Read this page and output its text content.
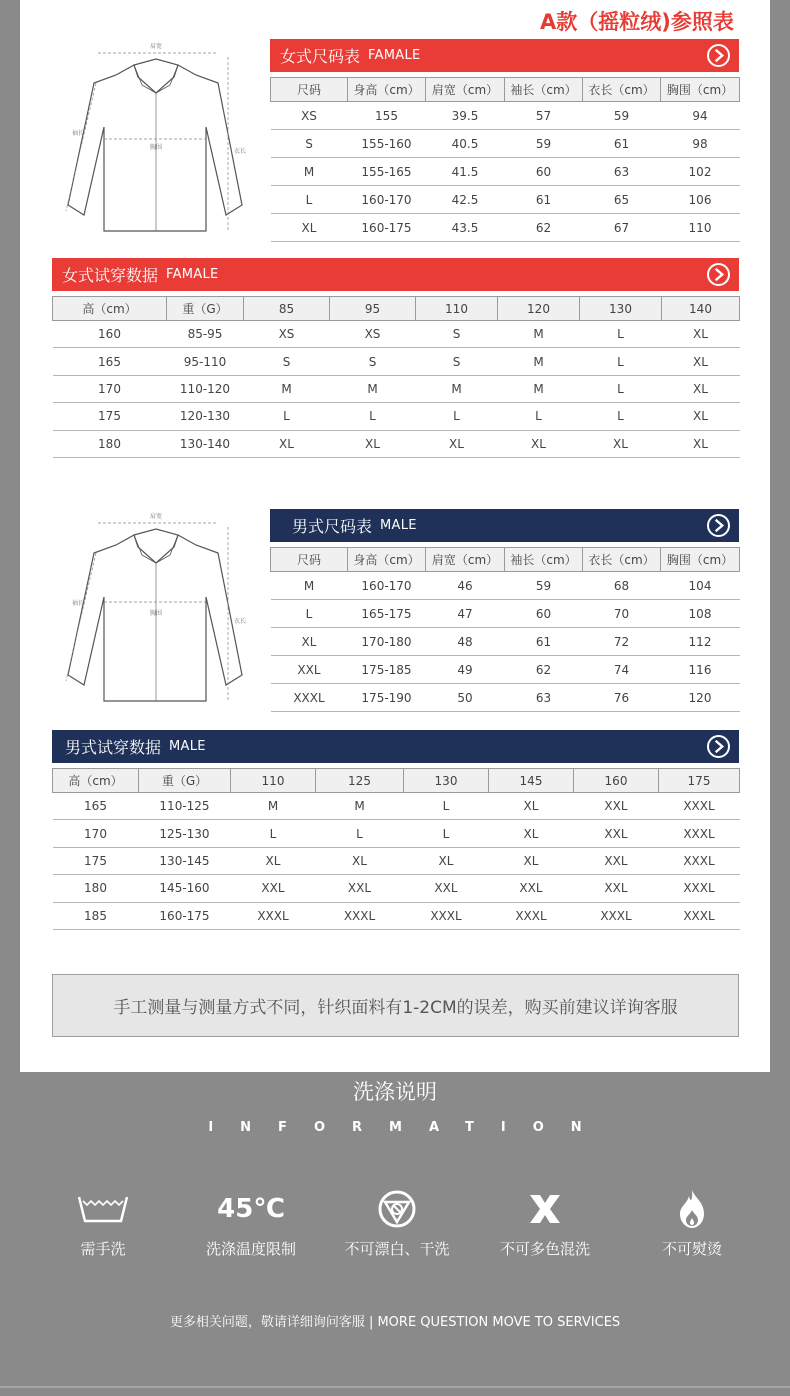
A款（摇粒绒)参照表
肩宽
胸围
袖长
衣长
女式尺码表 FAMALE
尺码	身高（cm）	肩宽（cm）	袖长（cm）	衣长（cm）	胸围（cm）
XS	155	39.5	57	59	94
S	155-160	40.5	59	61	98
M	155-165	41.5	60	63	102
L	160-170	42.5	61	65	106
XL	160-175	43.5	62	67	110
女式试穿数据 FAMALE
高（cm）	重（G）	85	95	110	120	130	140
160	85-95	XS	XS	S	M	L	XL
165	95-110	S	S	S	M	L	XL
170	110-120	M	M	M	M	L	XL
175	120-130	L	L	L	L	L	XL
180	130-140	XL	XL	XL	XL	XL	XL
肩宽
胸围
袖长
衣长
男式尺码表 MALE
尺码	身高（cm）	肩宽（cm）	袖长（cm）	衣长（cm）	胸围（cm）
M	160-170	46	59	68	104
L	165-175	47	60	70	108
XL	170-180	48	61	72	112
XXL	175-185	49	62	74	116
XXXL	175-190	50	63	76	120
男式试穿数据 MALE
高（cm）	重（G）	110	125	130	145	160	175
165	110-125	M	M	L	XL	XXL	XXXL
170	125-130	L	L	L	XL	XXL	XXXL
175	130-145	XL	XL	XL	XL	XXL	XXXL
180	145-160	XXL	XXL	XXL	XXL	XXL	XXXL
185	160-175	XXXL	XXXL	XXXL	XXXL	XXXL	XXXL
手工测量与测量方式不同，针织面料有1-2CM的误差，购买前建议详询客服
洗涤说明
INFORMATION
需手洗
45℃
洗涤温度限制	不可漂白、干洗	不可多色混洗	不可熨烫
更多相关问题，敬请详细询问客服 | MORE QUESTION MOVE TO SERVICES
